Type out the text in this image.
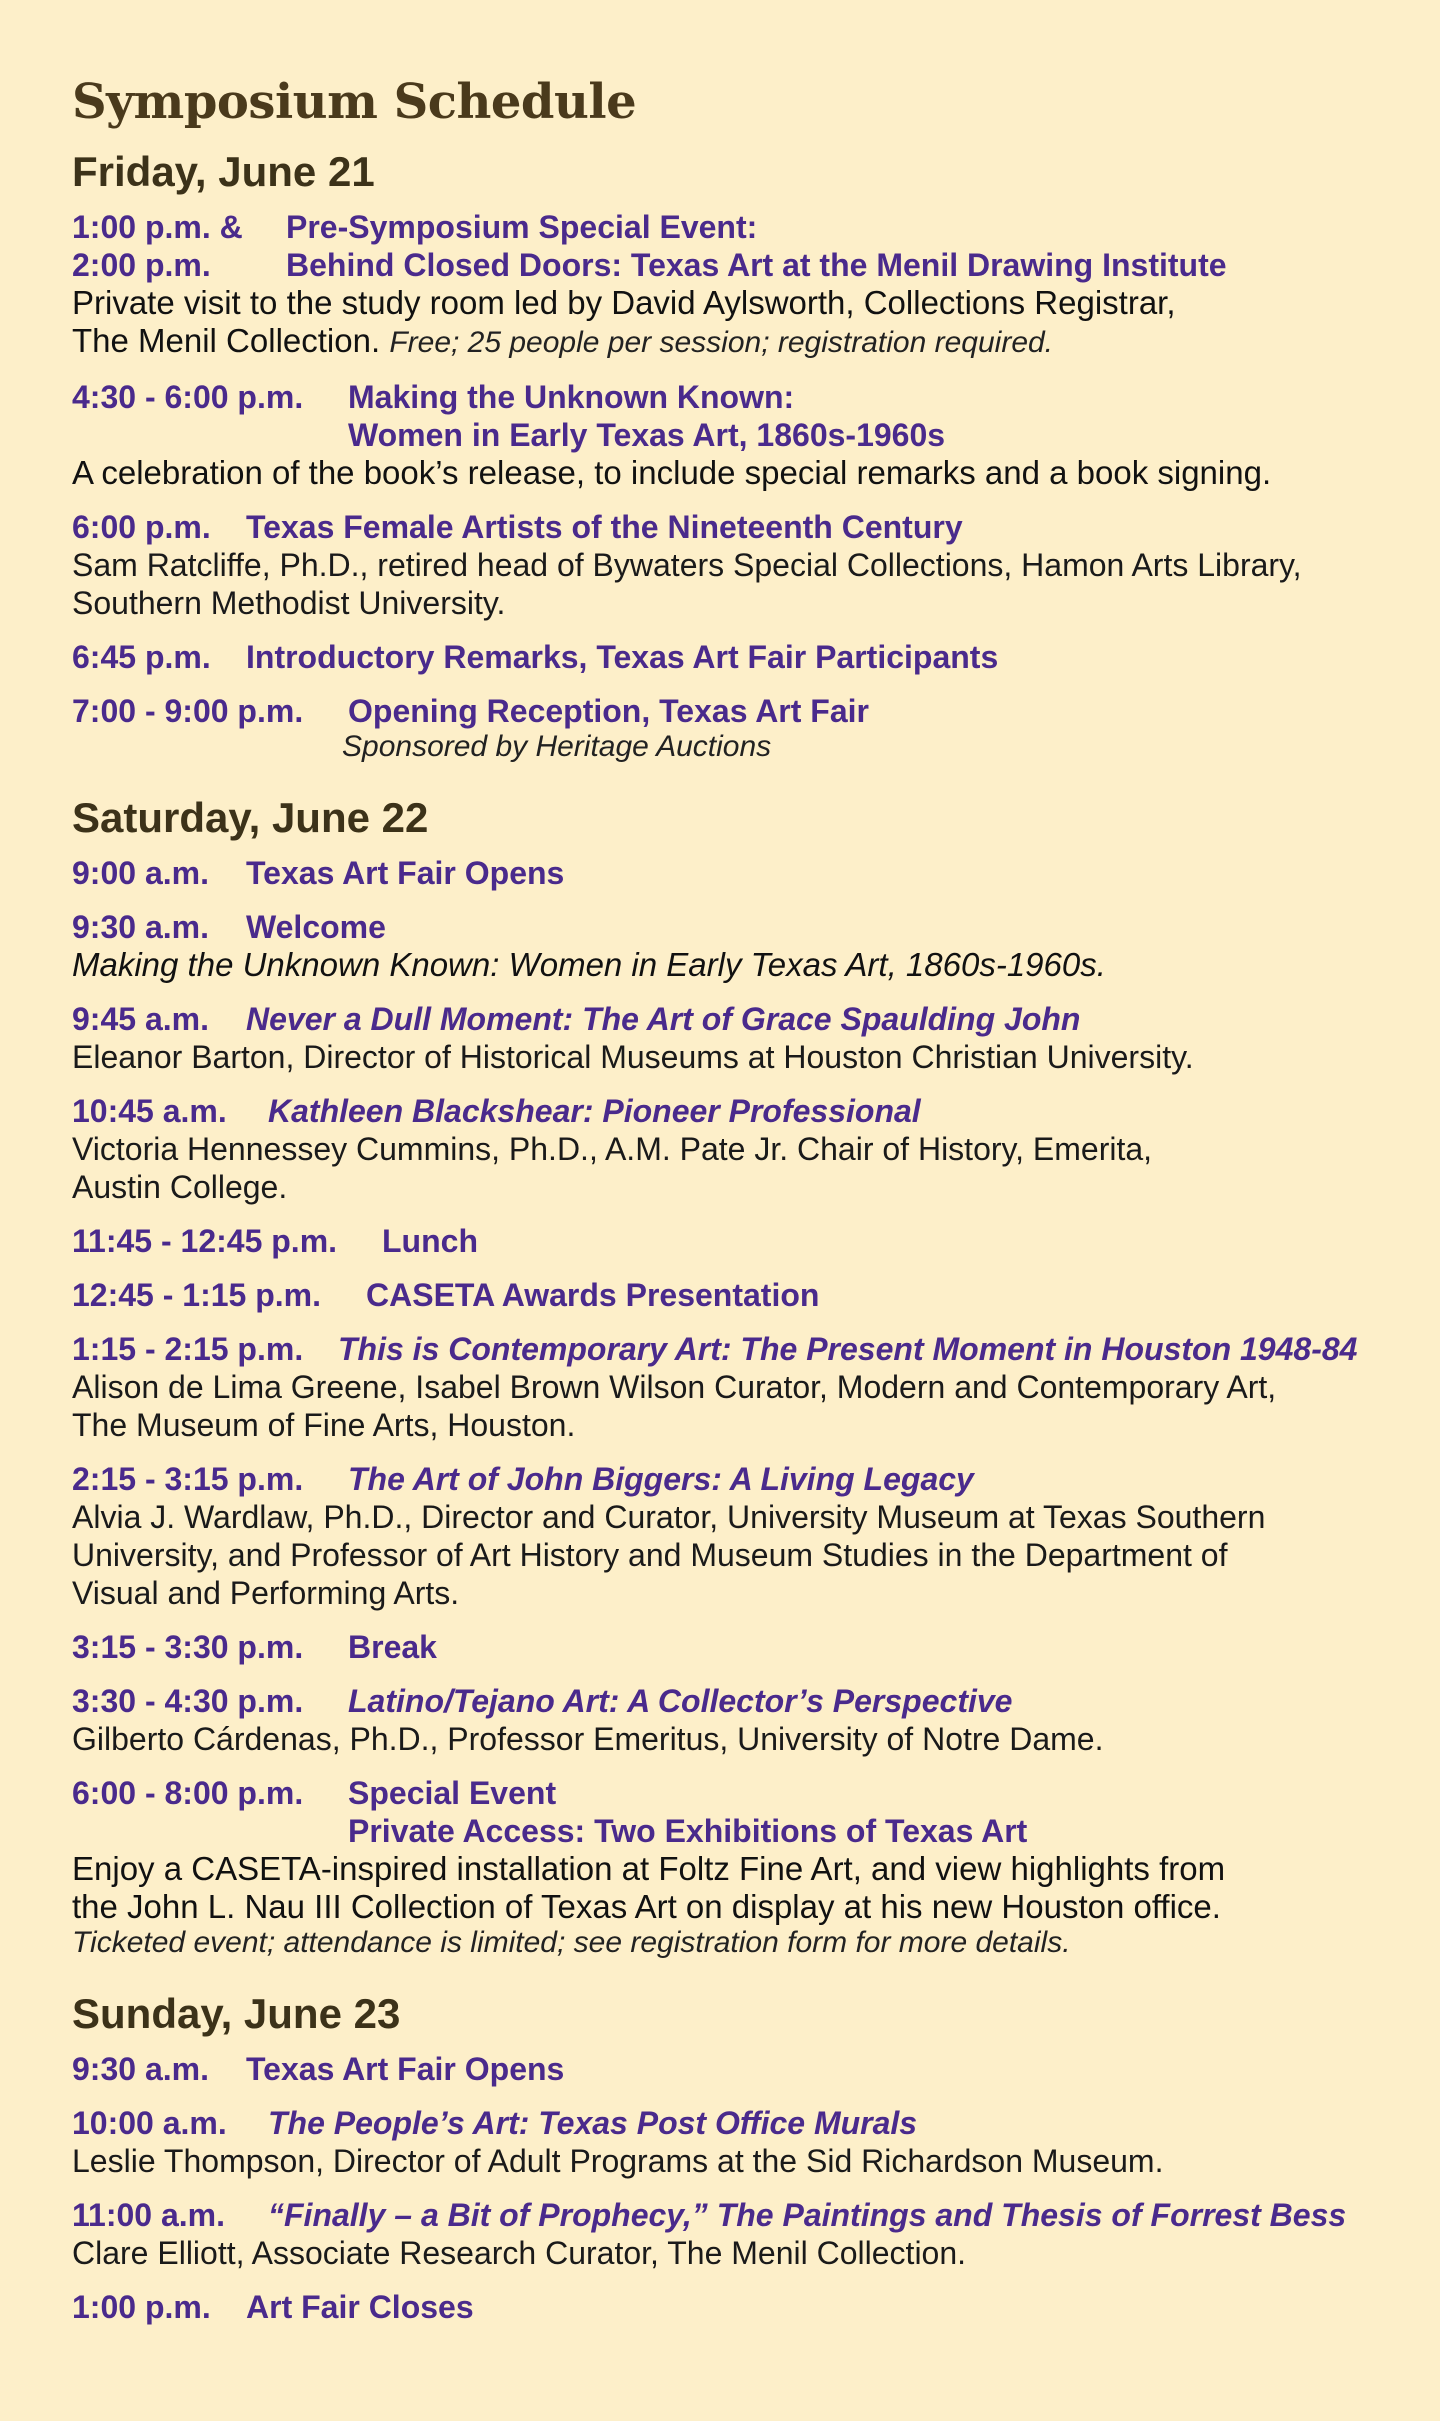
Symposium Schedule
Friday, June 21
1:00 p.m. &	Pre-Symposium Special Event:
2:00 p.m.	Behind Closed Doors: Texas Art at the Menil Drawing Institute
Private visit to the study room led by David Aylsworth, Collections Registrar,
The Menil Collection. Free; 25 people per session; registration required.
4:30 - 6:00 p.m.	Making the Unknown Known:
Women in Early Texas Art, 1860s-1960s
A celebration of the book’s release, to include special remarks and a book signing.
6:00 p.m.	Texas Female Artists of the Nineteenth Century
Sam Ratcliffe, Ph.D., retired head of Bywaters Special Collections, Hamon Arts Library,
Southern Methodist University.
6:45 p.m.	Introductory Remarks, Texas Art Fair Participants
7:00 - 9:00 p.m.	Opening Reception, Texas Art Fair
Sponsored by Heritage Auctions
Saturday, June 22
9:00 a.m.	Texas Art Fair Opens
9:30 a.m.	Welcome
Making the Unknown Known: Women in Early Texas Art, 1860s-1960s.
9:45 a.m.	Never a Dull Moment: The Art of Grace Spaulding John
Eleanor Barton, Director of Historical Museums at Houston Christian University.
10:45 a.m.	Kathleen Blackshear: Pioneer Professional
Victoria Hennessey Cummins, Ph.D., A.M. Pate Jr. Chair of History, Emerita,
Austin College.
11:45 - 12:45 p.m.	Lunch
12:45 - 1:15 p.m.	CASETA Awards Presentation
1:15 - 2:15 p.m.	This is Contemporary Art: The Present Moment in Houston 1948-84
Alison de Lima Greene, Isabel Brown Wilson Curator, Modern and Contemporary Art,
The Museum of Fine Arts, Houston.
2:15 - 3:15 p.m.	The Art of John Biggers: A Living Legacy
Alvia J. Wardlaw, Ph.D., Director and Curator, University Museum at Texas Southern
University, and Professor of Art History and Museum Studies in the Department of
Visual and Performing Arts.
3:15 - 3:30 p.m.	Break
3:30 - 4:30 p.m.	Latino/Tejano Art: A Collector’s Perspective
Gilberto Cárdenas, Ph.D., Professor Emeritus, University of Notre Dame.
6:00 - 8:00 p.m.	Special Event
Private Access: Two Exhibitions of Texas Art
Enjoy a CASETA-inspired installation at Foltz Fine Art, and view highlights from
the John L. Nau III Collection of Texas Art on display at his new Houston office.
Ticketed event; attendance is limited; see registration form for more details.
Sunday, June 23
9:30 a.m.	Texas Art Fair Opens
10:00 a.m.	The People’s Art: Texas Post Office Murals
Leslie Thompson, Director of Adult Programs at the Sid Richardson Museum.
11:00 a.m.	“Finally – a Bit of Prophecy,” The Paintings and Thesis of Forrest Bess
Clare Elliott, Associate Research Curator, The Menil Collection.
1:00 p.m.	Art Fair Closes
